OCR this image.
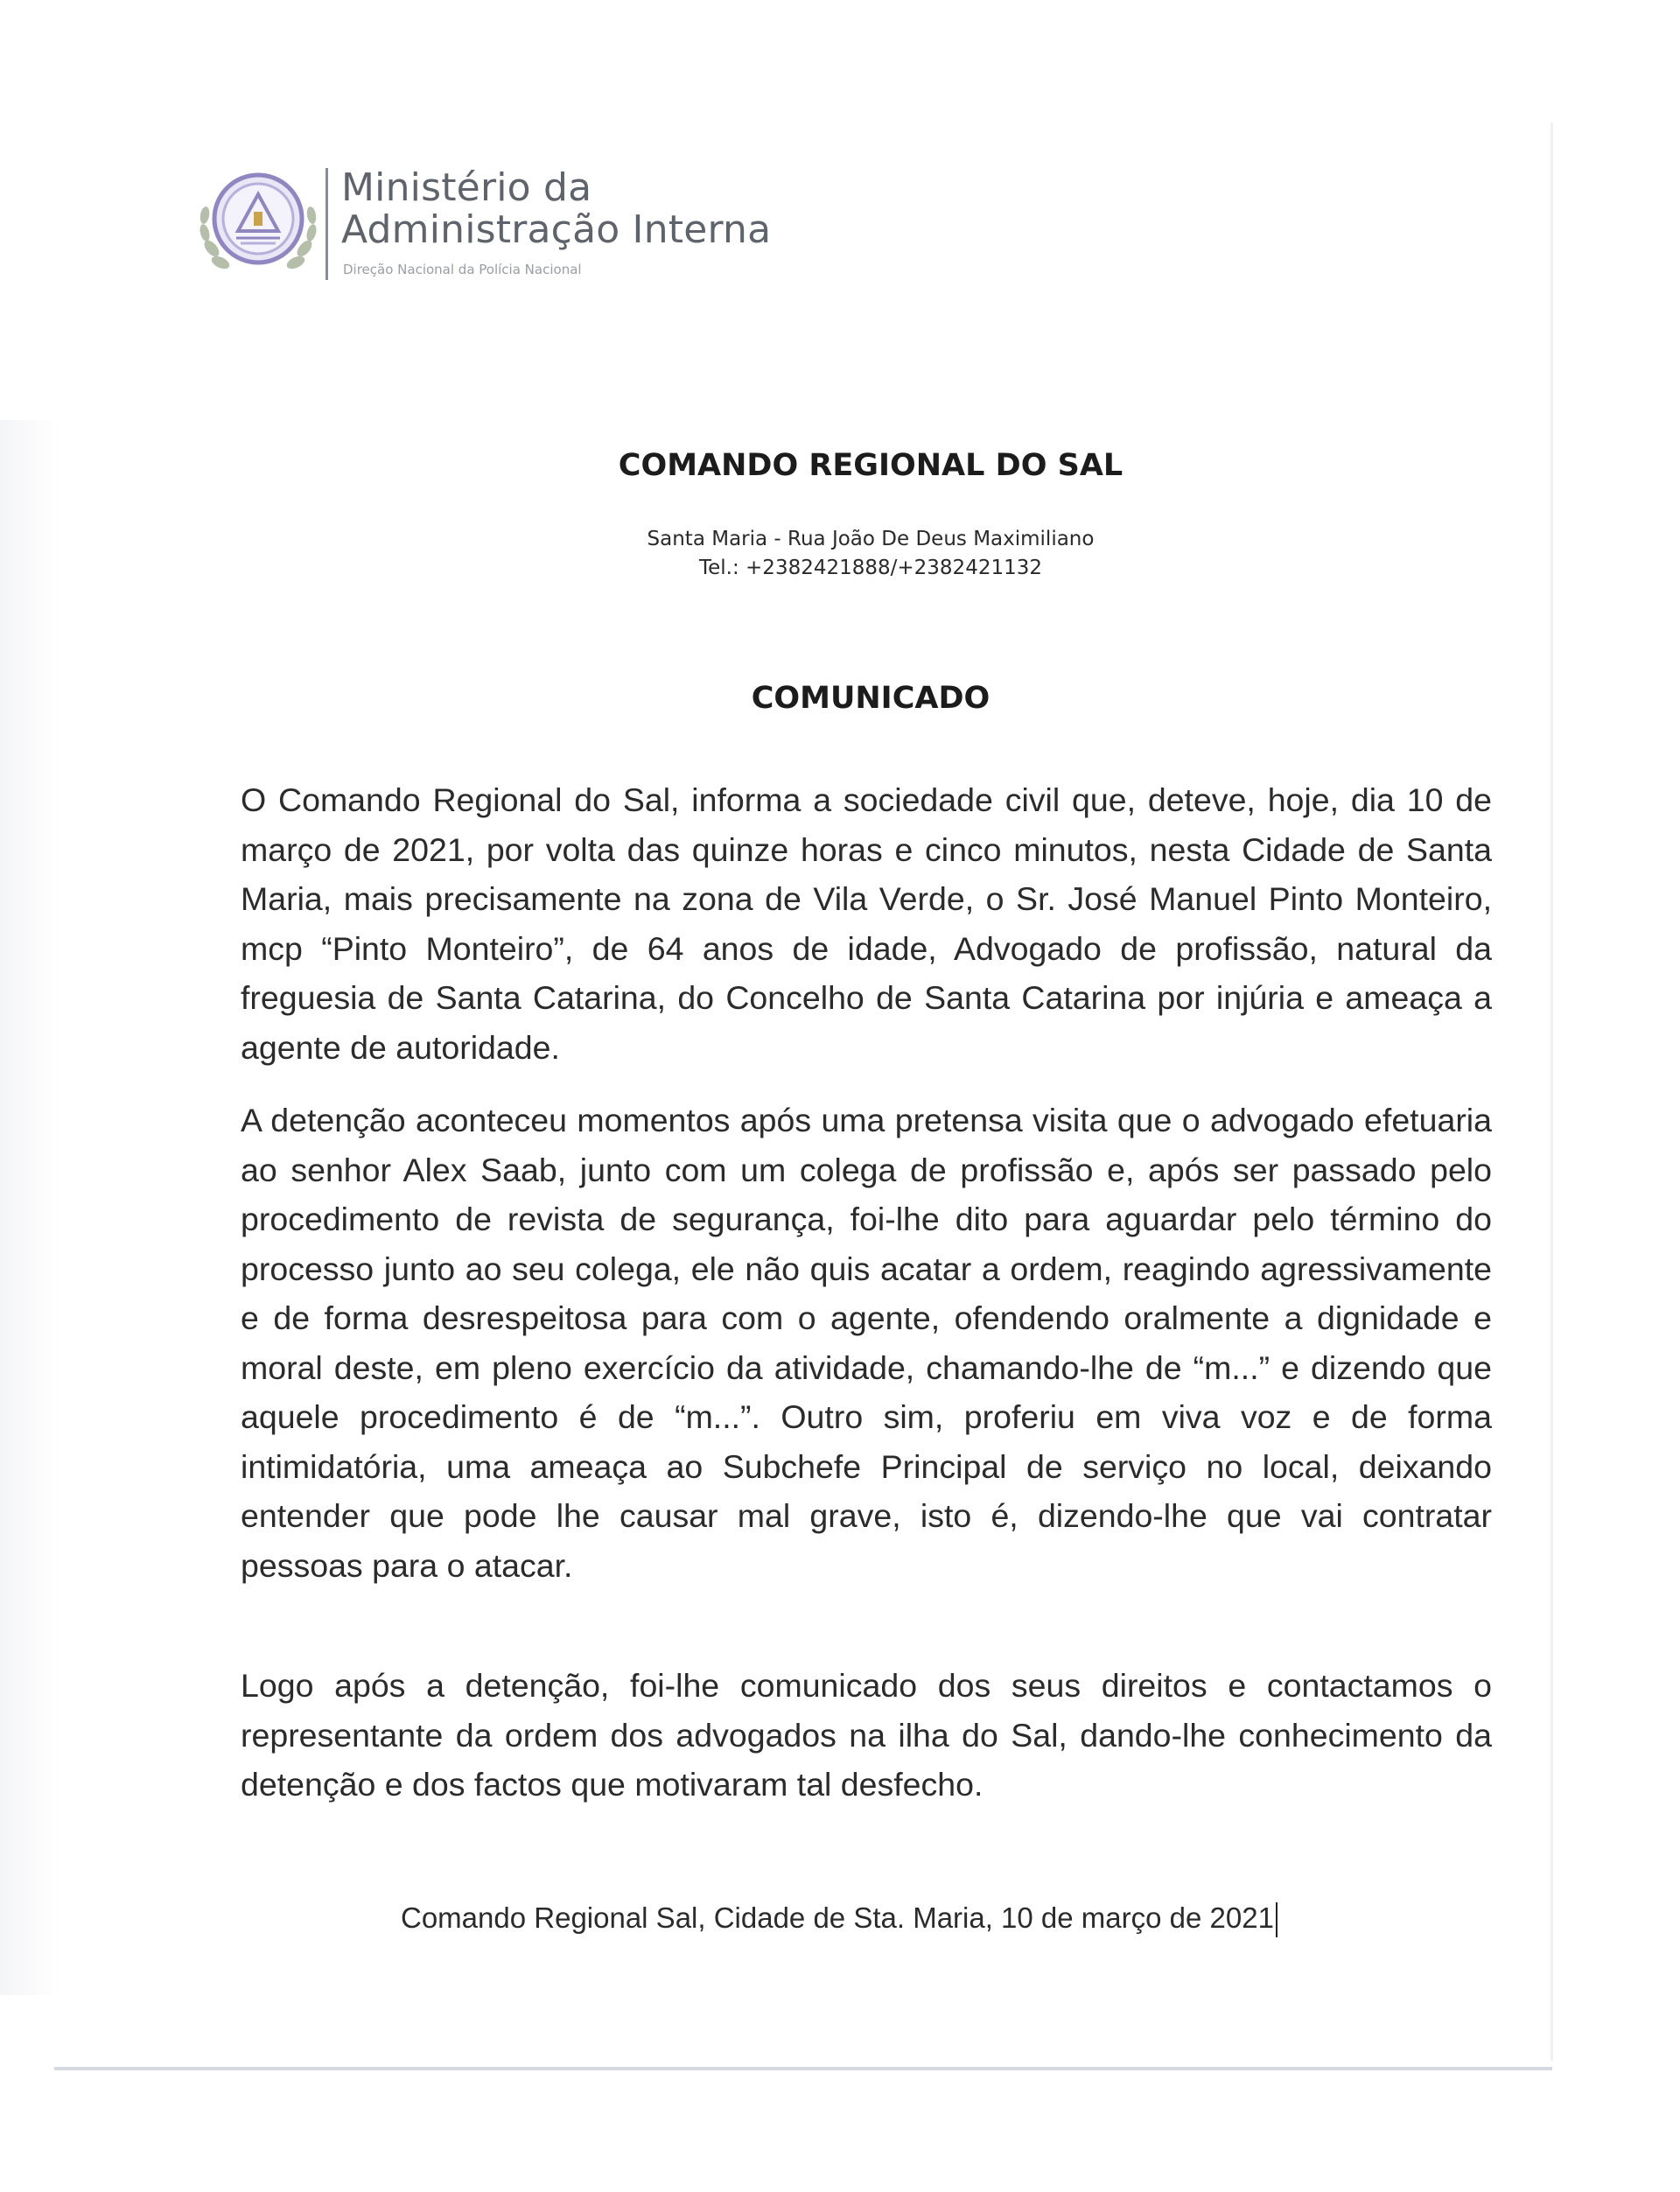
Ministério da
Administração Interna
Direção Nacional da Polícia Nacional
COMANDO REGIONAL DO SAL
Santa Maria - Rua João De Deus Maximiliano
Tel.: +2382421888/+2382421132
COMUNICADO

O Comando Regional do Sal, informa a sociedade civil que, deteve, hoje, dia 10 de março de 2021, por volta das quinze horas e cinco minutos, nesta Cidade de Santa Maria, mais precisamente na zona de Vila Verde, o Sr. José Manuel Pinto Monteiro, mcp “Pinto Monteiro”, de 64 anos de idade, Advogado de profissão, natural da freguesia de Santa Catarina, do Concelho de Santa Catarina por injúria e ameaça a agente de autoridade.

A detenção aconteceu momentos após uma pretensa visita que o advogado efetuaria ao senhor Alex Saab, junto com um colega de profissão e, após ser passado pelo procedimento de revista de segurança, foi-lhe dito para aguardar pelo término do processo junto ao seu colega, ele não quis acatar a ordem, reagindo agressivamente e de forma desrespeitosa para com o agente, ofendendo oralmente a dignidade e moral deste, em pleno exercício da atividade, chamando-lhe de “m...” e dizendo que aquele procedimento é de “m...”. Outro sim, proferiu em viva voz e de forma intimidatória, uma ameaça ao Subchefe Principal de serviço no local, deixando entender que pode lhe causar mal grave, isto é, dizendo-lhe que vai contratar pessoas para o atacar.

Logo após a detenção, foi-lhe comunicado dos seus direitos e contactamos o representante da ordem dos advogados na ilha do Sal, dando-lhe conhecimento da detenção e dos factos que motivaram tal desfecho.

Comando Regional Sal, Cidade de Sta. Maria, 10 de março de 2021
